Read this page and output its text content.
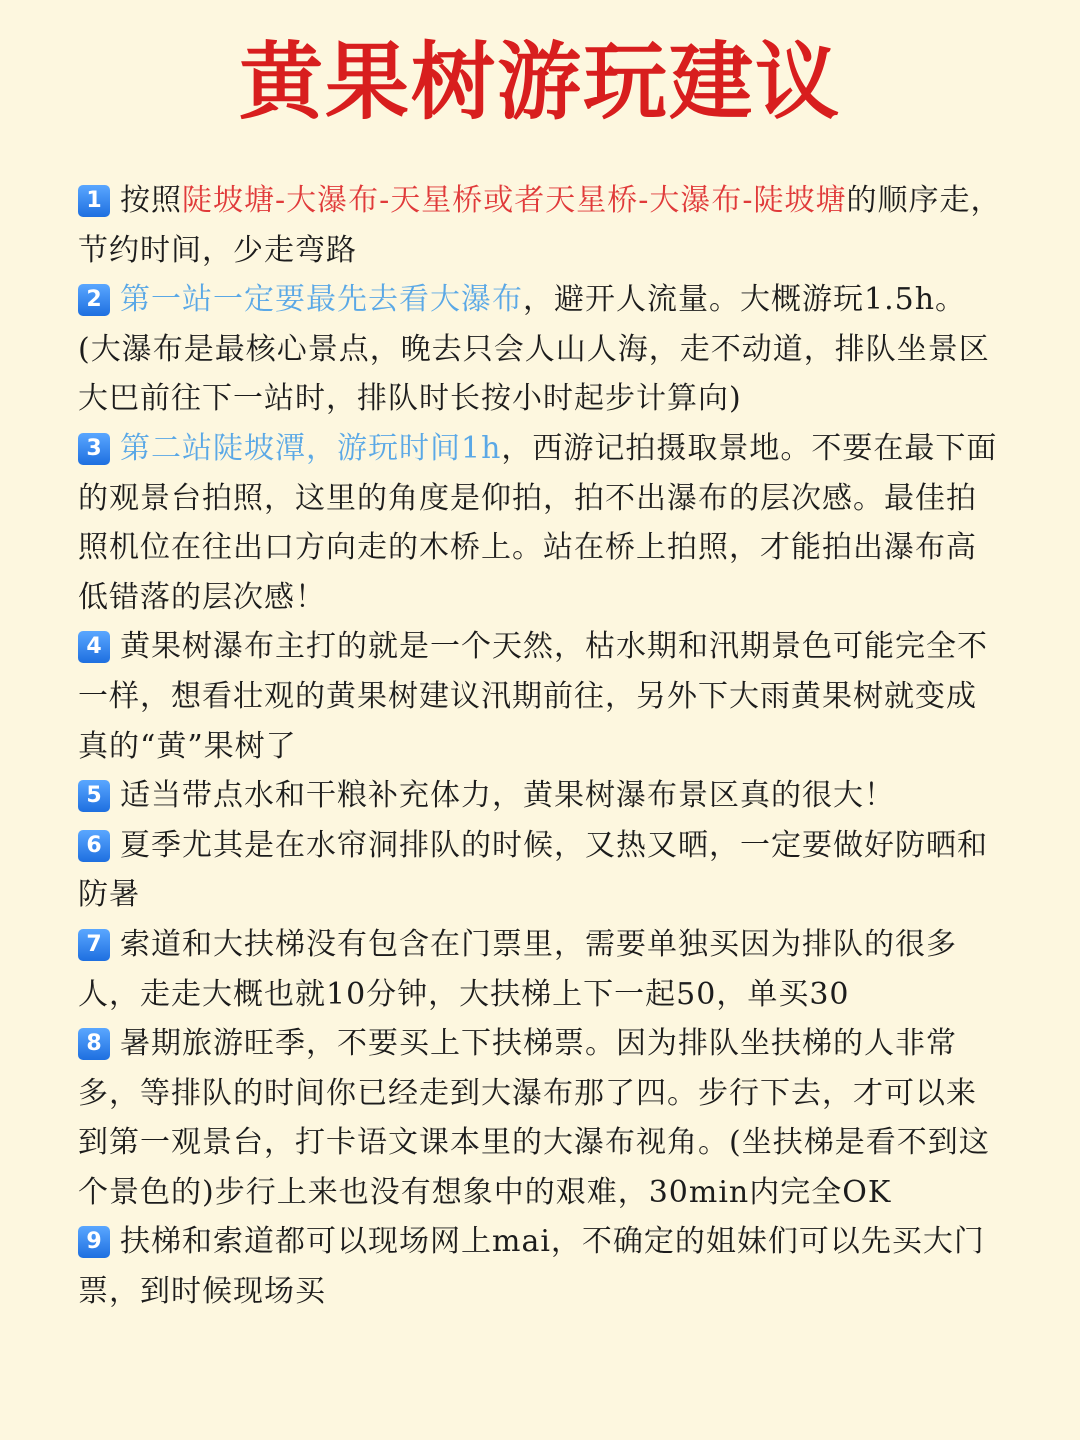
黄果树游玩建议
1 按照陡坡塘-大瀑布-天星桥或者天星桥-大瀑布-陡坡塘的顺序走，节约时间，少走弯路
2 第一站一定要最先去看大瀑布，避开人流量。大概游玩1.5h。(大瀑布是最核心景点，晚去只会人山人海，走不动道，排队坐景区大巴前往下一站时，排队时长按小时起步计算向)
3 第二站陡坡潭，游玩时间1h，西游记拍摄取景地。不要在最下面的观景台拍照，这里的角度是仰拍，拍不出瀑布的层次感。最佳拍照机位在往出口方向走的木桥上。站在桥上拍照，才能拍出瀑布高低错落的层次感！
4 黄果树瀑布主打的就是一个天然，枯水期和汛期景色可能完全不一样，想看壮观的黄果树建议汛期前往，另外下大雨黄果树就变成真的“黄”果树了
5 适当带点水和干粮补充体力，黄果树瀑布景区真的很大！
6 夏季尤其是在水帘洞排队的时候，又热又晒，一定要做好防晒和防暑
7 索道和大扶梯没有包含在门票里，需要单独买因为排队的很多人，走走大概也就10分钟，大扶梯上下一起50，单买30
8 暑期旅游旺季，不要买上下扶梯票。因为排队坐扶梯的人非常多，等排队的时间你已经走到大瀑布那了四。步行下去，才可以来到第一观景台，打卡语文课本里的大瀑布视角。(坐扶梯是看不到这个景色的)步行上来也没有想象中的艰难，30min内完全OK
9 扶梯和索道都可以现场网上mai，不确定的姐妹们可以先买大门票，到时候现场买
